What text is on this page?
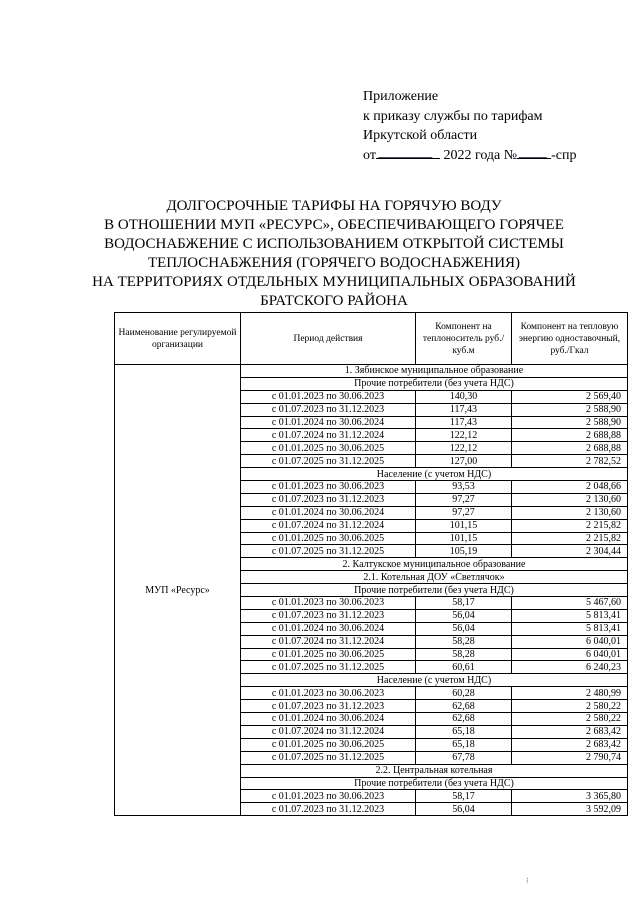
Приложение
к приказу службы по тарифам
Иркутской области
от	2022 года № -спр
ДОЛГОСРОЧНЫЕ ТАРИФЫ НА ГОРЯЧУЮ ВОДУ
В ОТНОШЕНИИ МУП «РЕСУРС», ОБЕСПЕЧИВАЮЩЕГО ГОРЯЧЕЕ
ВОДОСНАБЖЕНИЕ С ИСПОЛЬЗОВАНИЕМ ОТКРЫТОЙ СИСТЕМЫ
ТЕПЛОСНАБЖЕНИЯ (ГОРЯЧЕГО ВОДОСНАБЖЕНИЯ)
НА ТЕРРИТОРИЯХ ОТДЕЛЬНЫХ МУНИЦИПАЛЬНЫХ ОБРАЗОВАНИЙ
БРАТСКОГО РАЙОНА
Наименование регулируемой организации	Период действия	Компонент на теплоноситель руб./куб.м	Компонент на тепловую энергию одноставочный, руб./Гкал
МУП «Ресурс»	1. Зябинское муниципальное образование		
	Прочие потребители (без учета НДС)		
	с 01.01.2023 по 30.06.2023	140,30	2 569,40
	с 01.07.2023 по 31.12.2023	117,43	2 588,90
	с 01.01.2024 по 30.06.2024	117,43	2 588,90
	с 01.07.2024 по 31.12.2024	122,12	2 688,88
	с 01.01.2025 по 30.06.2025	122,12	2 688,88
	с 01.07.2025 по 31.12.2025	127,00	2 782,52
	Население (с учетом НДС)		
	с 01.01.2023 по 30.06.2023	93,53	2 048,66
	с 01.07.2023 по 31.12.2023	97,27	2 130,60
	с 01.01.2024 по 30.06.2024	97,27	2 130,60
	с 01.07.2024 по 31.12.2024	101,15	2 215,82
	с 01.01.2025 по 30.06.2025	101,15	2 215,82
	с 01.07.2025 по 31.12.2025	105,19	2 304,44
	2. Калтукское муниципальное образование		
	2.1. Котельная ДОУ «Светлячок»		
	Прочие потребители (без учета НДС)		
	с 01.01.2023 по 30.06.2023	58,17	5 467,60
	с 01.07.2023 по 31.12.2023	56,04	5 813,41
	с 01.01.2024 по 30.06.2024	56,04	5 813,41
	с 01.07.2024 по 31.12.2024	58,28	6 040,01
	с 01.01.2025 по 30.06.2025	58,28	6 040,01
	с 01.07.2025 по 31.12.2025	60,61	6 240,23
	Население (с учетом НДС)		
	с 01.01.2023 по 30.06.2023	60,28	2 480,99
	с 01.07.2023 по 31.12.2023	62,68	2 580,22
	с 01.01.2024 по 30.06.2024	62,68	2 580,22
	с 01.07.2024 по 31.12.2024	65,18	2 683,42
	с 01.01.2025 по 30.06.2025	65,18	2 683,42
	с 01.07.2025 по 31.12.2025	67,78	2 790,74
	2.2. Центральная котельная		
	Прочие потребители (без учета НДС)		
	с 01.01.2023 по 30.06.2023	58,17	3 365,80
	с 01.07.2023 по 31.12.2023	56,04	3 592,09
⁝
